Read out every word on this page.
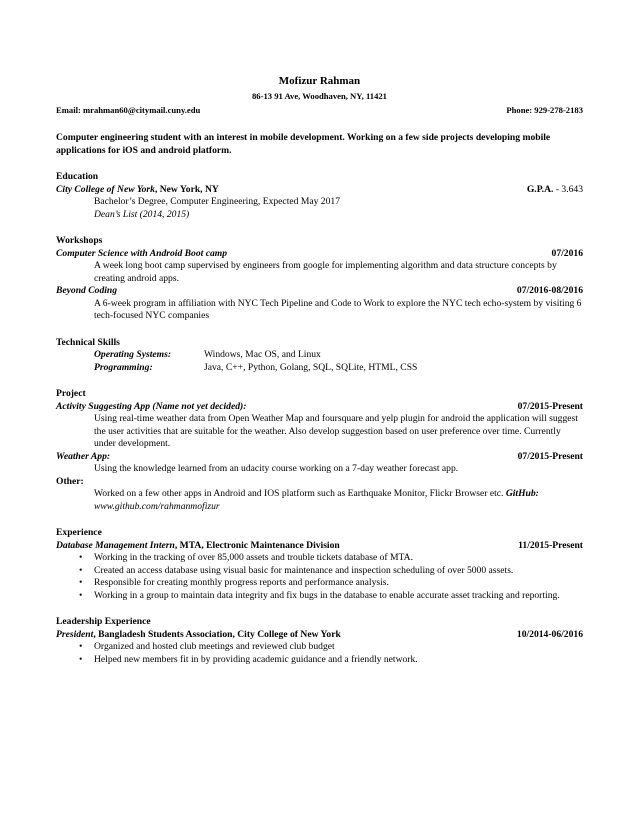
Mofizur Rahman
86-13 91 Ave, Woodhaven, NY, 11421
Email: mrahman60@citymail.cuny.edu	Phone: 929-278-2183
Computer engineering student with an interest in mobile development. Working on a few side projects developing mobile applications for iOS and android platform.
Education
City College of New York, New York, NY	G.P.A. - 3.643
Bachelor’s Degree, Computer Engineering, Expected May 2017
Dean’s List (2014, 2015)
Workshops
Computer Science with Android Boot camp	07/2016
A week long boot camp supervised by engineers from google for implementing algorithm and data structure concepts by creating android apps.
Beyond Coding	07/2016-08/2016
A 6-week program in affiliation with NYC Tech Pipeline and Code to Work to explore the NYC tech echo-system by visiting 6 tech-focused NYC companies
Technical Skills
Operating Systems:	Windows, Mac OS, and Linux
Programming:	Java, C++, Python, Golang, SQL, SQLite, HTML, CSS
Project
Activity Suggesting App (Name not yet decided):	07/2015-Present
Using real-time weather data from Open Weather Map and foursquare and yelp plugin for android the application will suggest the user activities that are suitable for the weather. Also develop suggestion based on user preference over time. Currently under development.
Weather App:	07/2015-Present
Using the knowledge learned from an udacity course working on a 7-day weather forecast app.
Other:
Worked on a few other apps in Android and IOS platform such as Earthquake Monitor, Flickr Browser etc. GitHub: www.github.com/rahmanmofizur
Experience
Database Management Intern, MTA, Electronic Maintenance Division	11/2015-Present
• Working in the tracking of over 85,000 assets and trouble tickets database of MTA.
• Created an access database using visual basic for maintenance and inspection scheduling of over 5000 assets.
• Responsible for creating monthly progress reports and performance analysis.
• Working in a group to maintain data integrity and fix bugs in the database to enable accurate asset tracking and reporting.
Leadership Experience
President, Bangladesh Students Association, City College of New York	10/2014-06/2016
• Organized and hosted club meetings and reviewed club budget
• Helped new members fit in by providing academic guidance and a friendly network.
